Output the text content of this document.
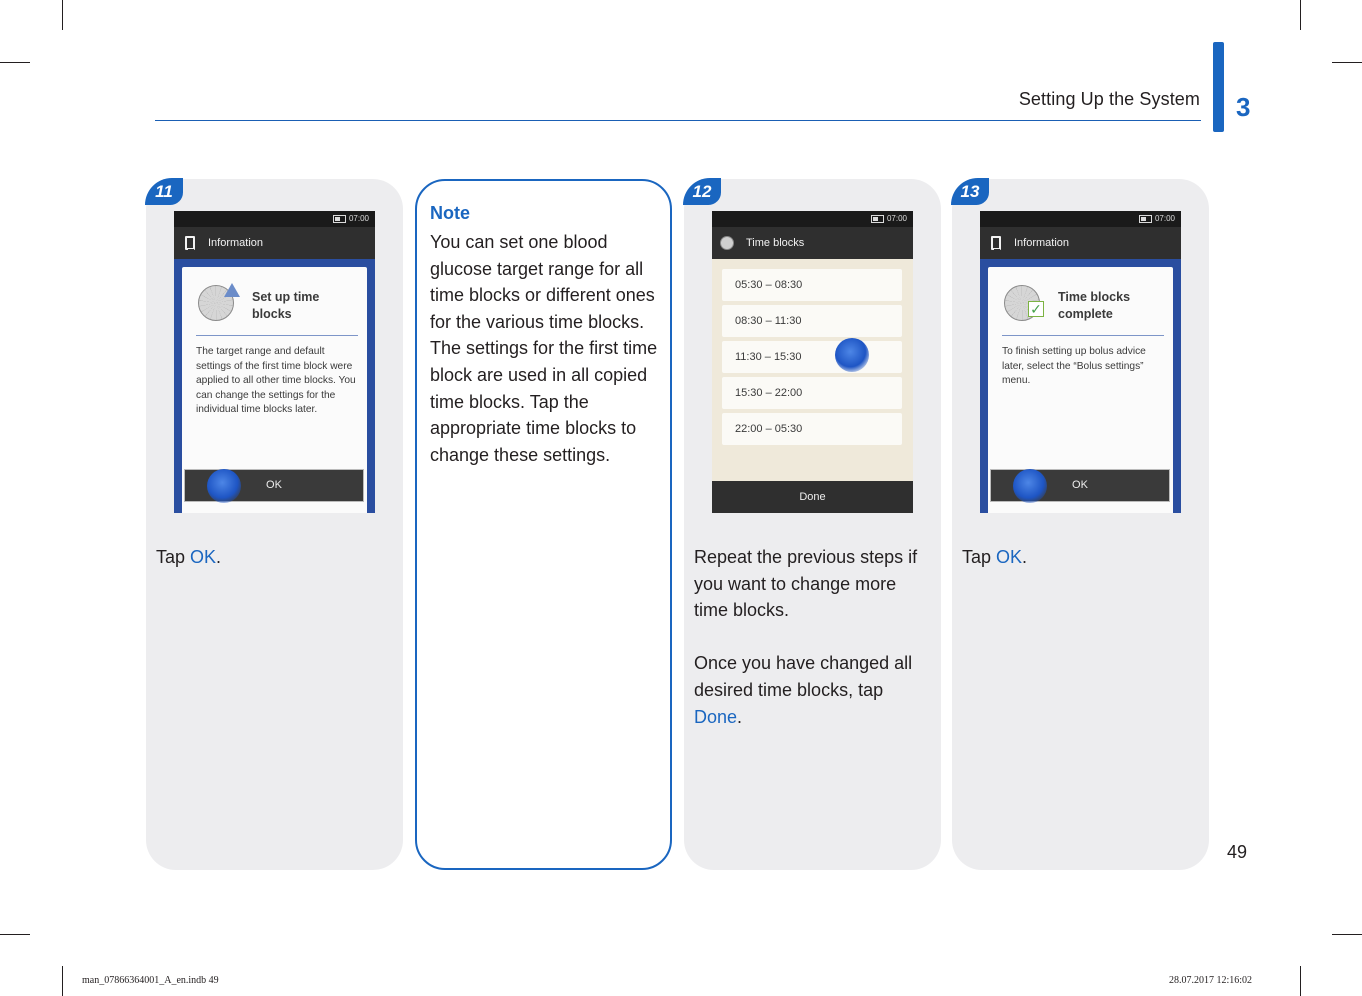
Setting Up the System 3
11
07:00
Information
Set up time blocks
The target range and default settings of the first time block were applied to all other time blocks. You can change the settings for the individual time blocks later.
OK
Tap OK.
Note
You can set one blood glucose target range for all time blocks or different ones for the various time blocks. The settings for the first time block are used in all copied time blocks. Tap the appropriate time blocks to change these settings.
12
07:00
Time blocks
05:30 – 08:30
08:30 – 11:30
11:30 – 15:30
15:30 – 22:00
22:00 – 05:30
Done
Repeat the previous steps if you want to change more time blocks.
Once you have changed all desired time blocks, tap Done.
13
07:00
Information
✓
Time blocks complete
To finish setting up bolus advice later, select the “Bolus settings” menu.
OK
Tap OK.
49
man_07866364001_A_en.indb 49	28.07.2017 12:16:02
